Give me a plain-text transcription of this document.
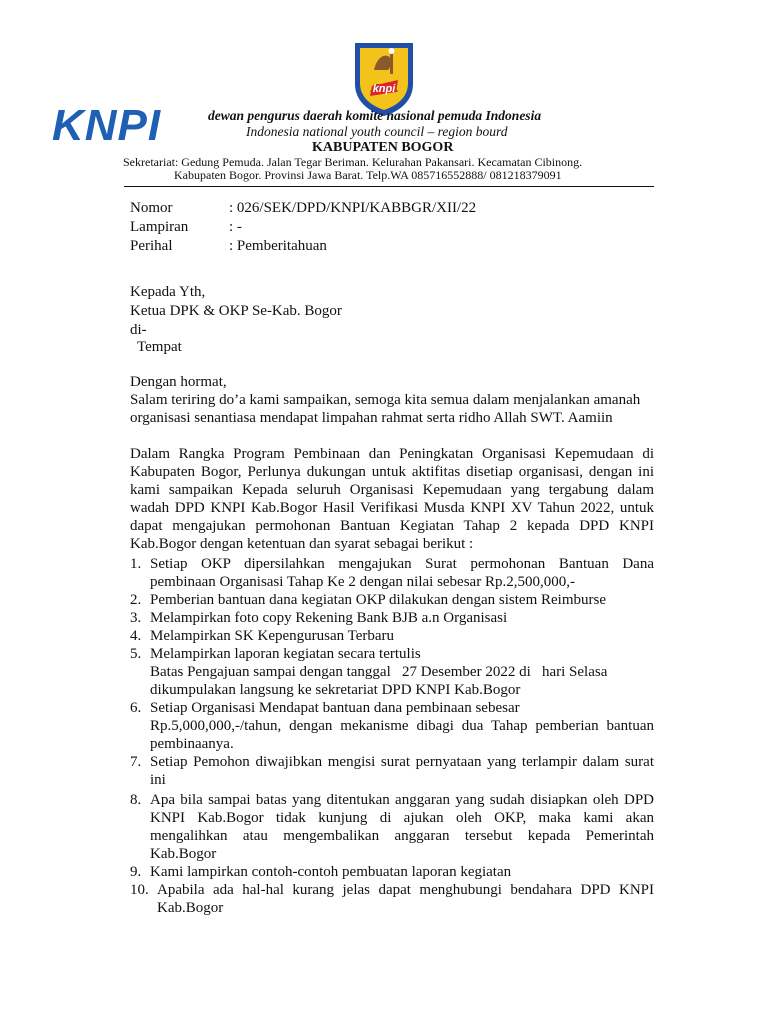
knpi
KNPI	dewan pengurus daerah komite nasional pemuda Indonesia
Indonesia national youth council – region bourd
KABUPATEN BOGOR
Sekretariat: Gedung Pemuda. Jalan Tegar Beriman. Kelurahan Pakansari. Kecamatan Cibinong.
Kabupaten Bogor. Provinsi Jawa Barat. Telp.WA 085716552888/ 081218379091
Nomor	: 026/SEK/DPD/KNPI/KABBGR/XII/22
Lampiran	: -
Perihal	: Pemberitahuan
Kepada Yth,
Ketua DPK & OKP Se-Kab. Bogor
di-
Tempat
Dengan hormat,
Salam teriring do’a kami sampaikan, semoga kita semua dalam menjalankan amanah
organisasi senantiasa mendapat limpahan rahmat serta ridho Allah SWT. Aamiin
Dalam Rangka Program Pembinaan dan Peningkatan Organisasi Kepemudaan di
Kabupaten Bogor, Perlunya dukungan untuk aktifitas disetiap organisasi, dengan ini
kami sampaikan Kepada seluruh Organisasi Kepemudaan yang tergabung dalam
wadah DPD KNPI Kab.Bogor Hasil Verifikasi Musda KNPI XV Tahun 2022, untuk
dapat mengajukan permohonan Bantuan Kegiatan Tahap 2 kepada DPD KNPI
Kab.Bogor dengan ketentuan dan syarat sebagai berikut :
1. Setiap OKP dipersilahkan mengajukan Surat permohonan Bantuan Dana
pembinaan Organisasi Tahap Ke 2 dengan nilai sebesar Rp.2,500,000,-
2. Pemberian bantuan dana kegiatan OKP dilakukan dengan sistem Reimburse
3. Melampirkan foto copy Rekening Bank BJB a.n Organisasi
4. Melampirkan SK Kepengurusan Terbaru
5. Melampirkan laporan kegiatan secara tertulis
Batas Pengajuan sampai dengan tanggal   27 Desember 2022 di   hari Selasa
dikumpulakan langsung ke sekretariat DPD KNPI Kab.Bogor
6. Setiap Organisasi Mendapat bantuan dana pembinaan sebesar
Rp.5,000,000,-/tahun, dengan mekanisme dibagi dua Tahap pemberian bantuan
pembinaanya.
7. Setiap Pemohon diwajibkan mengisi surat pernyataan yang terlampir dalam surat
ini
8. Apa bila sampai batas yang ditentukan anggaran yang sudah disiapkan oleh DPD
KNPI Kab.Bogor tidak kunjung di ajukan oleh OKP, maka kami akan
mengalihkan atau mengembalikan anggaran tersebut kepada Pemerintah
Kab.Bogor
9. Kami lampirkan contoh-contoh pembuatan laporan kegiatan
10. Apabila ada hal-hal kurang jelas dapat menghubungi bendahara DPD KNPI
Kab.Bogor
